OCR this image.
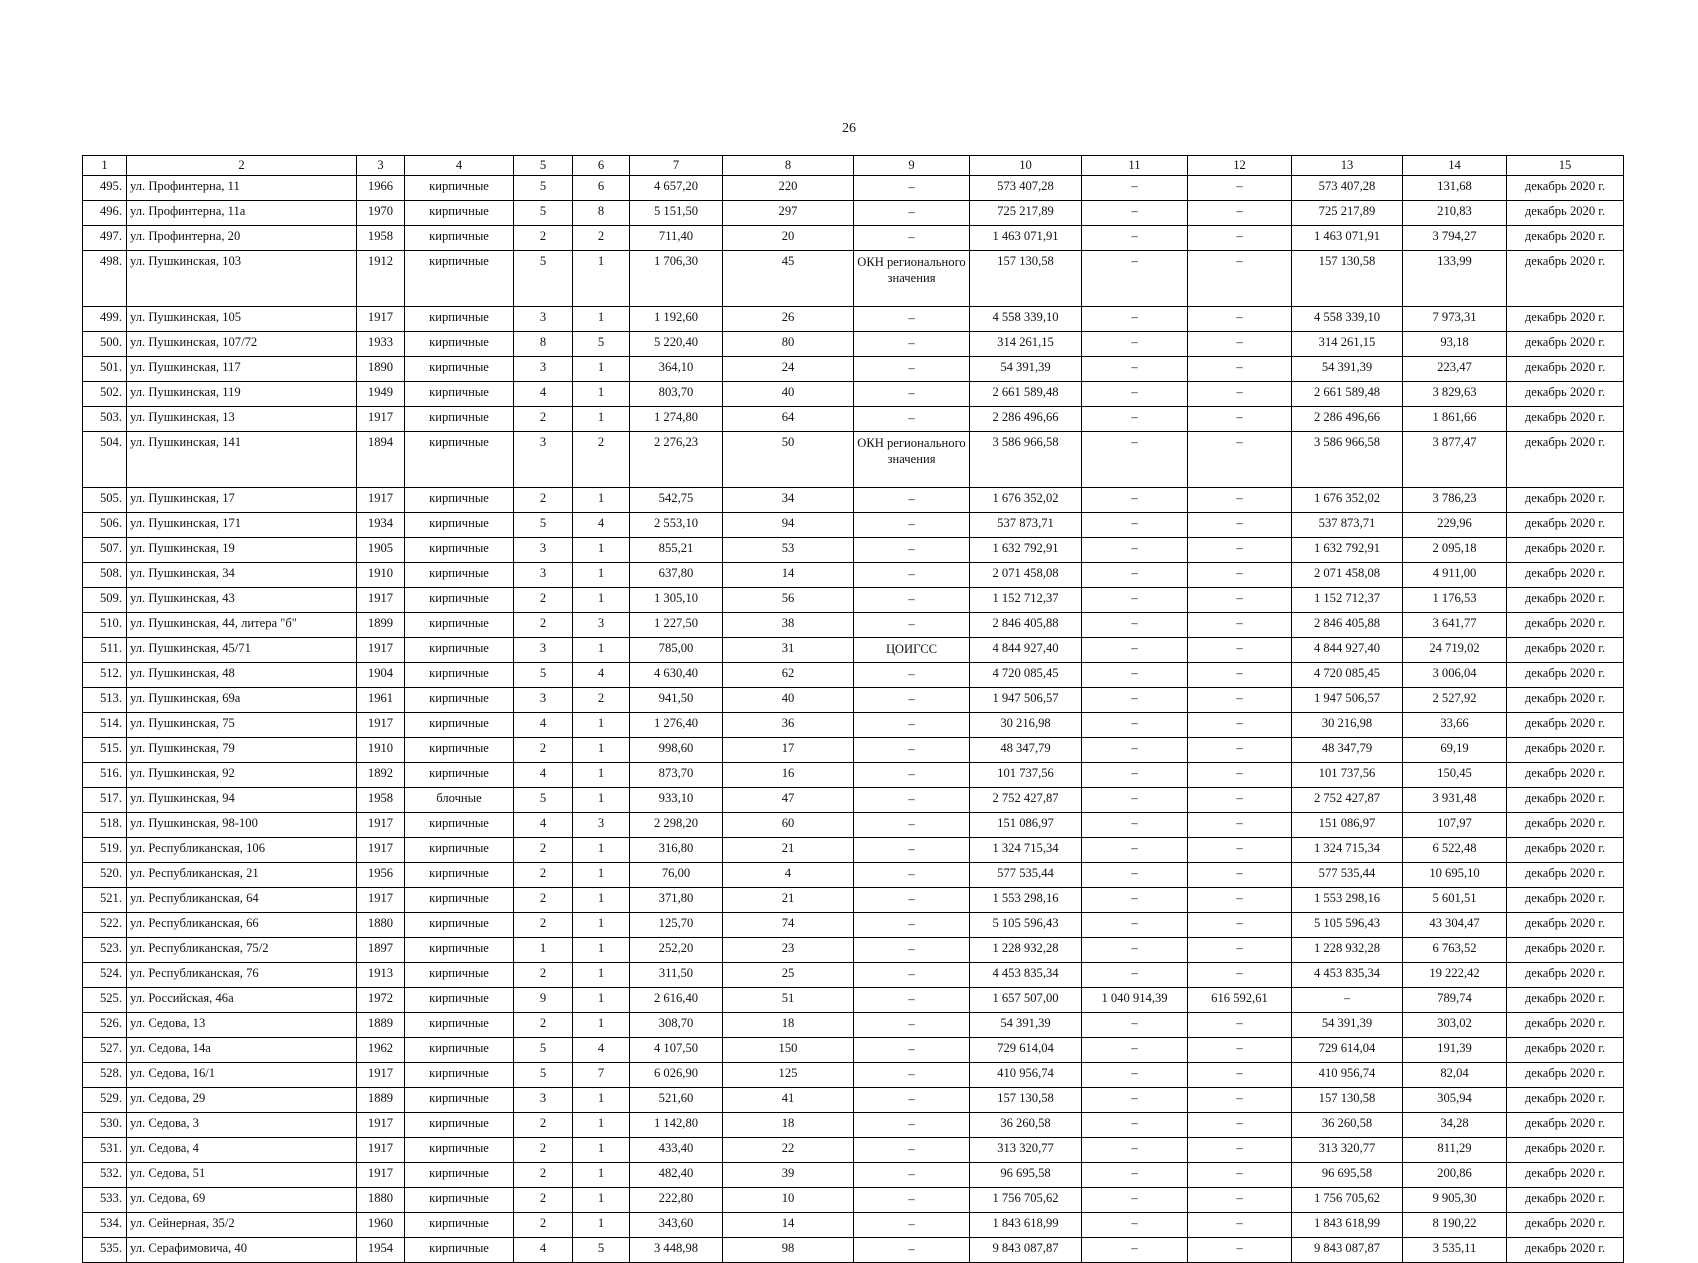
26
1	2	3	4	5	6	7	8	9	10	11	12	13	14	15
495.	ул. Профинтерна, 11	1966	кирпичные	5	6	4 657,20	220	–	573 407,28	–	–	573 407,28	131,68	декабрь 2020 г.
496.	ул. Профинтерна, 11а	1970	кирпичные	5	8	5 151,50	297	–	725 217,89	–	–	725 217,89	210,83	декабрь 2020 г.
497.	ул. Профинтерна, 20	1958	кирпичные	2	2	711,40	20	–	1 463 071,91	–	–	1 463 071,91	3 794,27	декабрь 2020 г.
498.	ул. Пушкинская, 103	1912	кирпичные	5	1	1 706,30	45	ОКН регионального значения	157 130,58	–	–	157 130,58	133,99	декабрь 2020 г.
499.	ул. Пушкинская, 105	1917	кирпичные	3	1	1 192,60	26	–	4 558 339,10	–	–	4 558 339,10	7 973,31	декабрь 2020 г.
500.	ул. Пушкинская, 107/72	1933	кирпичные	8	5	5 220,40	80	–	314 261,15	–	–	314 261,15	93,18	декабрь 2020 г.
501.	ул. Пушкинская, 117	1890	кирпичные	3	1	364,10	24	–	54 391,39	–	–	54 391,39	223,47	декабрь 2020 г.
502.	ул. Пушкинская, 119	1949	кирпичные	4	1	803,70	40	–	2 661 589,48	–	–	2 661 589,48	3 829,63	декабрь 2020 г.
503.	ул. Пушкинская, 13	1917	кирпичные	2	1	1 274,80	64	–	2 286 496,66	–	–	2 286 496,66	1 861,66	декабрь 2020 г.
504.	ул. Пушкинская, 141	1894	кирпичные	3	2	2 276,23	50	ОКН регионального значения	3 586 966,58	–	–	3 586 966,58	3 877,47	декабрь 2020 г.
505.	ул. Пушкинская, 17	1917	кирпичные	2	1	542,75	34	–	1 676 352,02	–	–	1 676 352,02	3 786,23	декабрь 2020 г.
506.	ул. Пушкинская, 171	1934	кирпичные	5	4	2 553,10	94	–	537 873,71	–	–	537 873,71	229,96	декабрь 2020 г.
507.	ул. Пушкинская, 19	1905	кирпичные	3	1	855,21	53	–	1 632 792,91	–	–	1 632 792,91	2 095,18	декабрь 2020 г.
508.	ул. Пушкинская, 34	1910	кирпичные	3	1	637,80	14	–	2 071 458,08	–	–	2 071 458,08	4 911,00	декабрь 2020 г.
509.	ул. Пушкинская, 43	1917	кирпичные	2	1	1 305,10	56	–	1 152 712,37	–	–	1 152 712,37	1 176,53	декабрь 2020 г.
510.	ул. Пушкинская, 44, литера "б"	1899	кирпичные	2	3	1 227,50	38	–	2 846 405,88	–	–	2 846 405,88	3 641,77	декабрь 2020 г.
511.	ул. Пушкинская, 45/71	1917	кирпичные	3	1	785,00	31	ЦОИГСС	4 844 927,40	–	–	4 844 927,40	24 719,02	декабрь 2020 г.
512.	ул. Пушкинская, 48	1904	кирпичные	5	4	4 630,40	62	–	4 720 085,45	–	–	4 720 085,45	3 006,04	декабрь 2020 г.
513.	ул. Пушкинская, 69а	1961	кирпичные	3	2	941,50	40	–	1 947 506,57	–	–	1 947 506,57	2 527,92	декабрь 2020 г.
514.	ул. Пушкинская, 75	1917	кирпичные	4	1	1 276,40	36	–	30 216,98	–	–	30 216,98	33,66	декабрь 2020 г.
515.	ул. Пушкинская, 79	1910	кирпичные	2	1	998,60	17	–	48 347,79	–	–	48 347,79	69,19	декабрь 2020 г.
516.	ул. Пушкинская, 92	1892	кирпичные	4	1	873,70	16	–	101 737,56	–	–	101 737,56	150,45	декабрь 2020 г.
517.	ул. Пушкинская, 94	1958	блочные	5	1	933,10	47	–	2 752 427,87	–	–	2 752 427,87	3 931,48	декабрь 2020 г.
518.	ул. Пушкинская, 98-100	1917	кирпичные	4	3	2 298,20	60	–	151 086,97	–	–	151 086,97	107,97	декабрь 2020 г.
519.	ул. Республиканская, 106	1917	кирпичные	2	1	316,80	21	–	1 324 715,34	–	–	1 324 715,34	6 522,48	декабрь 2020 г.
520.	ул. Республиканская, 21	1956	кирпичные	2	1	76,00	4	–	577 535,44	–	–	577 535,44	10 695,10	декабрь 2020 г.
521.	ул. Республиканская, 64	1917	кирпичные	2	1	371,80	21	–	1 553 298,16	–	–	1 553 298,16	5 601,51	декабрь 2020 г.
522.	ул. Республиканская, 66	1880	кирпичные	2	1	125,70	74	–	5 105 596,43	–	–	5 105 596,43	43 304,47	декабрь 2020 г.
523.	ул. Республиканская, 75/2	1897	кирпичные	1	1	252,20	23	–	1 228 932,28	–	–	1 228 932,28	6 763,52	декабрь 2020 г.
524.	ул. Республиканская, 76	1913	кирпичные	2	1	311,50	25	–	4 453 835,34	–	–	4 453 835,34	19 222,42	декабрь 2020 г.
525.	ул. Российская, 46а	1972	кирпичные	9	1	2 616,40	51	–	1 657 507,00	1 040 914,39	616 592,61	–	789,74	декабрь 2020 г.
526.	ул. Седова, 13	1889	кирпичные	2	1	308,70	18	–	54 391,39	–	–	54 391,39	303,02	декабрь 2020 г.
527.	ул. Седова, 14а	1962	кирпичные	5	4	4 107,50	150	–	729 614,04	–	–	729 614,04	191,39	декабрь 2020 г.
528.	ул. Седова, 16/1	1917	кирпичные	5	7	6 026,90	125	–	410 956,74	–	–	410 956,74	82,04	декабрь 2020 г.
529.	ул. Седова, 29	1889	кирпичные	3	1	521,60	41	–	157 130,58	–	–	157 130,58	305,94	декабрь 2020 г.
530.	ул. Седова, 3	1917	кирпичные	2	1	1 142,80	18	–	36 260,58	–	–	36 260,58	34,28	декабрь 2020 г.
531.	ул. Седова, 4	1917	кирпичные	2	1	433,40	22	–	313 320,77	–	–	313 320,77	811,29	декабрь 2020 г.
532.	ул. Седова, 51	1917	кирпичные	2	1	482,40	39	–	96 695,58	–	–	96 695,58	200,86	декабрь 2020 г.
533.	ул. Седова, 69	1880	кирпичные	2	1	222,80	10	–	1 756 705,62	–	–	1 756 705,62	9 905,30	декабрь 2020 г.
534.	ул. Сейнерная, 35/2	1960	кирпичные	2	1	343,60	14	–	1 843 618,99	–	–	1 843 618,99	8 190,22	декабрь 2020 г.
535.	ул. Серафимовича, 40	1954	кирпичные	4	5	3 448,98	98	–	9 843 087,87	–	–	9 843 087,87	3 535,11	декабрь 2020 г.
